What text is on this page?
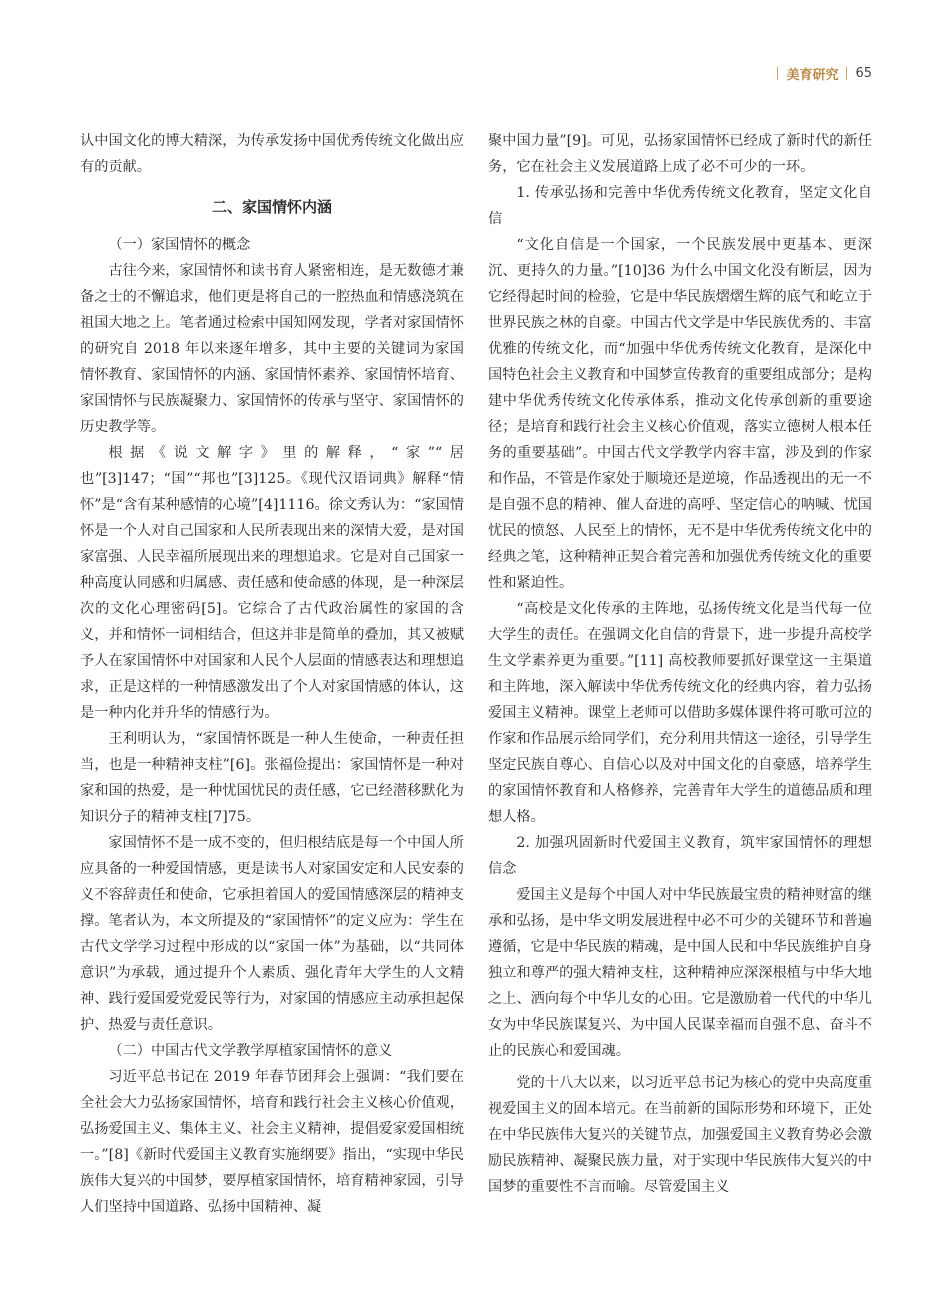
美育研究 65

认中国文化的博大精深，为传承发扬中国优秀传统文化做出应有的贡献。

二、家国情怀内涵

（一）家国情怀的概念

古往今来，家国情怀和读书育人紧密相连，是无数德才兼备之士的不懈追求，他们更是将自己的一腔热血和情感浇筑在祖国大地之上。笔者通过检索中国知网发现，学者对家国情怀的研究自 2018 年以来逐年增多，其中主要的关键词为家国情怀教育、家国情怀的内涵、家国情怀素养、家国情怀培育、家国情怀与民族凝聚力、家国情怀的传承与坚守、家国情怀的历史教学等。

根据《说文解字》里的解释，“家”“居也”[3]147；“国”“邦也”[3]125。《现代汉语词典》解释“情怀”是“含有某种感情的心境”[4]1116。徐文秀认为：“家国情怀是一个人对自己国家和人民所表现出来的深情大爱，是对国家富强、人民幸福所展现出来的理想追求。它是对自己国家一种高度认同感和归属感、责任感和使命感的体现，是一种深层次的文化心理密码[5]。它综合了古代政治属性的家国的含义，并和情怀一词相结合，但这并非是简单的叠加，其又被赋予人在家国情怀中对国家和人民个人层面的情感表达和理想追求，正是这样的一种情感激发出了个人对家国情感的体认，这是一种内化并升华的情感行为。

王利明认为，“家国情怀既是一种人生使命，一种责任担当，也是一种精神支柱”[6]。张福俭提出：家国情怀是一种对家和国的热爱，是一种忧国忧民的责任感，它已经潜移默化为知识分子的精神支柱[7]75。

家国情怀不是一成不变的，但归根结底是每一个中国人所应具备的一种爱国情感，更是读书人对家国安定和人民安泰的义不容辞责任和使命，它承担着国人的爱国情感深层的精神支撑。笔者认为，本文所提及的“家国情怀”的定义应为：学生在古代文学学习过程中形成的以“家国一体”为基础，以“共同体意识”为承载，通过提升个人素质、强化青年大学生的人文精神、践行爱国爱党爱民等行为，对家国的情感应主动承担起保护、热爱与责任意识。

（二）中国古代文学教学厚植家国情怀的意义

习近平总书记在 2019 年春节团拜会上强调：“我们要在全社会大力弘扬家国情怀，培育和践行社会主义核心价值观，弘扬爱国主义、集体主义、社会主义精神，提倡爱家爱国相统一。”[8]《新时代爱国主义教育实施纲要》指出，“实现中华民族伟大复兴的中国梦，要厚植家国情怀，培育精神家园，引导人们坚持中国道路、弘扬中国精神、凝

聚中国力量”[9]。可见，弘扬家国情怀已经成了新时代的新任务，它在社会主义发展道路上成了必不可少的一环。

1. 传承弘扬和完善中华优秀传统文化教育，坚定文化自信

“文化自信是一个国家，一个民族发展中更基本、更深沉、更持久的力量。”[10]36 为什么中国文化没有断层，因为它经得起时间的检验，它是中华民族熠熠生辉的底气和屹立于世界民族之林的自豪。中国古代文学是中华民族优秀的、丰富优雅的传统文化，而“加强中华优秀传统文化教育，是深化中国特色社会主义教育和中国梦宣传教育的重要组成部分；是构建中华优秀传统文化传承体系，推动文化传承创新的重要途径；是培育和践行社会主义核心价值观，落实立德树人根本任务的重要基础”。中国古代文学教学内容丰富，涉及到的作家和作品，不管是作家处于顺境还是逆境，作品透视出的无一不是自强不息的精神、催人奋进的高呼、坚定信心的呐喊、忧国忧民的愤怒、人民至上的情怀，无不是中华优秀传统文化中的经典之笔，这种精神正契合着完善和加强优秀传统文化的重要性和紧迫性。

“高校是文化传承的主阵地，弘扬传统文化是当代每一位大学生的责任。在强调文化自信的背景下，进一步提升高校学生文学素养更为重要。”[11] 高校教师要抓好课堂这一主渠道和主阵地，深入解读中华优秀传统文化的经典内容，着力弘扬爱国主义精神。课堂上老师可以借助多媒体课件将可歌可泣的作家和作品展示给同学们，充分利用共情这一途径，引导学生坚定民族自尊心、自信心以及对中国文化的自豪感，培养学生的家国情怀教育和人格修养，完善青年大学生的道德品质和理想人格。

2. 加强巩固新时代爱国主义教育，筑牢家国情怀的理想信念

爱国主义是每个中国人对中华民族最宝贵的精神财富的继承和弘扬，是中华文明发展进程中必不可少的关键环节和普遍遵循，它是中华民族的精魂，是中国人民和中华民族维护自身独立和尊严的强大精神支柱，这种精神应深深根植与中华大地之上、洒向每个中华儿女的心田。它是激励着一代代的中华儿女为中华民族谋复兴、为中国人民谋幸福而自强不息、奋斗不止的民族心和爱国魂。

党的十八大以来，以习近平总书记为核心的党中央高度重视爱国主义的固本培元。在当前新的国际形势和环境下，正处在中华民族伟大复兴的关键节点，加强爱国主义教育势必会激励民族精神、凝聚民族力量，对于实现中华民族伟大复兴的中国梦的重要性不言而喻。尽管爱国主义
